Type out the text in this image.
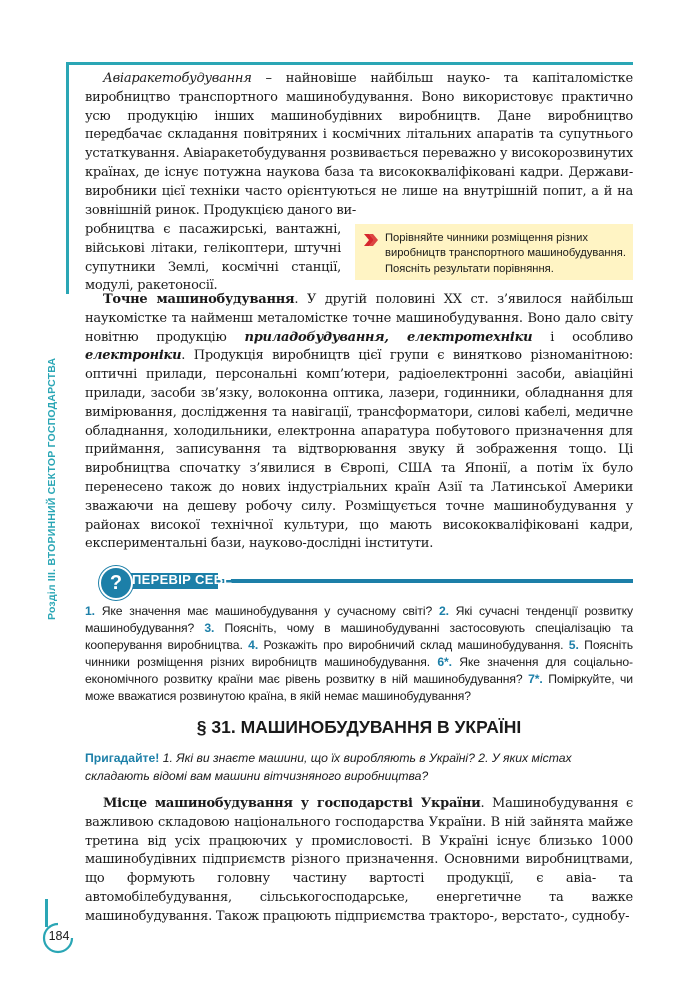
Розділ ІІІ. ВТОРИННИЙ СЕКТОР ГОСПОДАРСТВА

Авіаракетобудування – найновіше найбільш науко- та капіталомістке виробництво транспортного машинобудування. Воно використовує практично усю продукцію інших машинобудівних виробництв. Дане виробництво передбачає складання повітряних і космічних літальних апаратів та супутнього устаткування. Авіаракетобудування розвивається переважно у високорозвинутих країнах, де існує потужна наукова база та висококваліфіковані кадри. Держави-виробники цієї техніки часто орієнтуються не лише на внутрішній попит, а й на зовнішній ринок. Продукцією даного ви-

робництва є пасажирські, вантажні, військові літаки, гелікоптери, штучні супутники Землі, космічні станції, модулі, ракетоносії.

Порівняйте чинники розміщення різних виробництв транспортного машинобудування. Поясніть результати порівняння.

Точне машинобудування. У другій половині ХХ ст. з’явилося найбільш наукомістке та найменш металомістке точне машинобудування. Воно дало світу новітню продукцію приладобудування, електротехніки і особливо електроніки. Продукція виробництв цієї групи є винятково різноманітною: оптичні прилади, персональні комп’ютери, радіоелектронні засоби, авіаційні прилади, засоби зв’язку, волоконна оптика, лазери, годинники, обладнання для вимірювання, дослідження та навігації, трансформатори, силові кабелі, медичне обладнання, холодильники, електронна апаратура побутового призначення для приймання, записування та відтворювання звуку й зображення тощо. Ці виробництва спочатку з’явилися в Європі, США та Японії, а потім їх було перенесено також до нових індустріальних країн Азії та Латинської Америки зважаючи на дешеву робочу силу. Розміщується точне машинобудування у районах високої технічної культури, що мають висококваліфіковані кадри, експериментальні бази, науково-дослідні інститути.

? ПЕРЕВІР СЕБЕ

1. Яке значення має машинобудування у сучасному світі? 2. Які сучасні тенденції розвитку машинобудування? 3. Поясніть, чому в машинобудуванні застосовують спеціалізацію та кооперування виробництва. 4. Розкажіть про виробничий склад машинобудування. 5. Поясніть чинники розміщення різних виробництв машинобудування. 6*. Яке значення для соціально-економічного розвитку країни має рівень розвитку в ній машинобудування? 7*. Поміркуйте, чи може вважатися розвинутою країна, в якій немає машинобудування?

§ 31. МАШИНОБУДУВАННЯ В УКРАЇНІ

Пригадайте! 1. Які ви знаєте машини, що їх виробляють в Україні? 2. У яких містах складають відомі вам машини вітчизняного виробництва?

Місце машинобудування у господарстві України. Машинобудування є важливою складовою національного господарства України. В ній зайнята майже третина від усіх працюючих у промисловості. В Україні існує близько 1000 машинобудівних підприємств різного призначення. Основними виробництвами, що формують головну частину вартості продукції, є авіа- та автомобілебудування, сільськогосподарське, енергетичне та важке машинобудування. Також працюють підприємства тракторо-, верстато-, суднобу-

184
